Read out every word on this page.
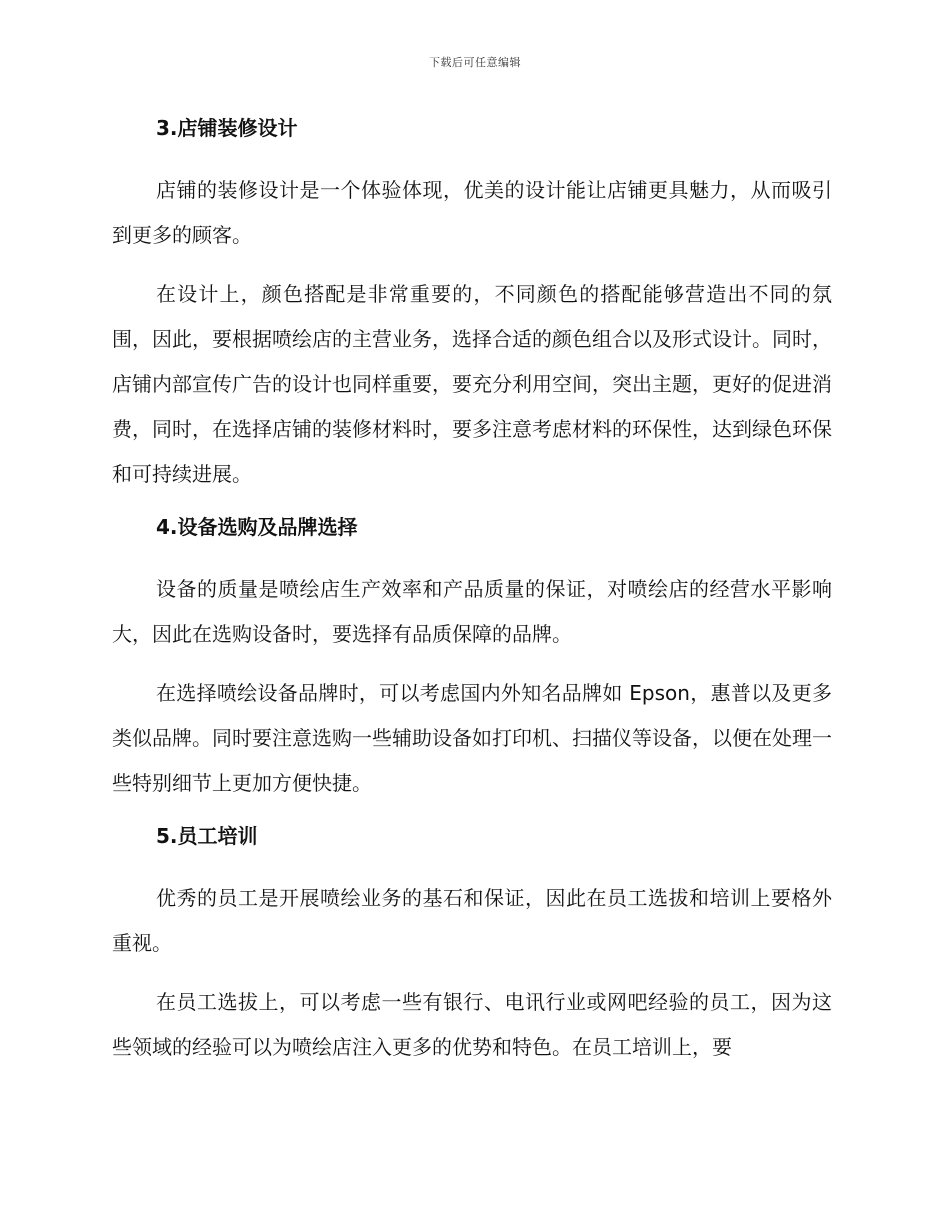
下载后可任意编辑
3.店铺装修设计

店铺的装修设计是一个体验体现，优美的设计能让店铺更具魅力，从而吸引到更多的顾客。

在设计上，颜色搭配是非常重要的，不同颜色的搭配能够营造出不同的氛围，因此，要根据喷绘店的主营业务，选择合适的颜色组合以及形式设计。同时，店铺内部宣传广告的设计也同样重要，要充分利用空间，突出主题，更好的促进消费，同时，在选择店铺的装修材料时，要多注意考虑材料的环保性，达到绿色环保和可持续进展。

4.设备选购及品牌选择

设备的质量是喷绘店生产效率和产品质量的保证，对喷绘店的经营水平影响大，因此在选购设备时，要选择有品质保障的品牌。

在选择喷绘设备品牌时，可以考虑国内外知名品牌如 Epson，惠普以及更多类似品牌。同时要注意选购一些辅助设备如打印机、扫描仪等设备，以便在处理一些特别细节上更加方便快捷。

5.员工培训

优秀的员工是开展喷绘业务的基石和保证，因此在员工选拔和培训上要格外重视。

在员工选拔上，可以考虑一些有银行、电讯行业或网吧经验的员工，因为这些领域的经验可以为喷绘店注入更多的优势和特色。在员工培训上，要
